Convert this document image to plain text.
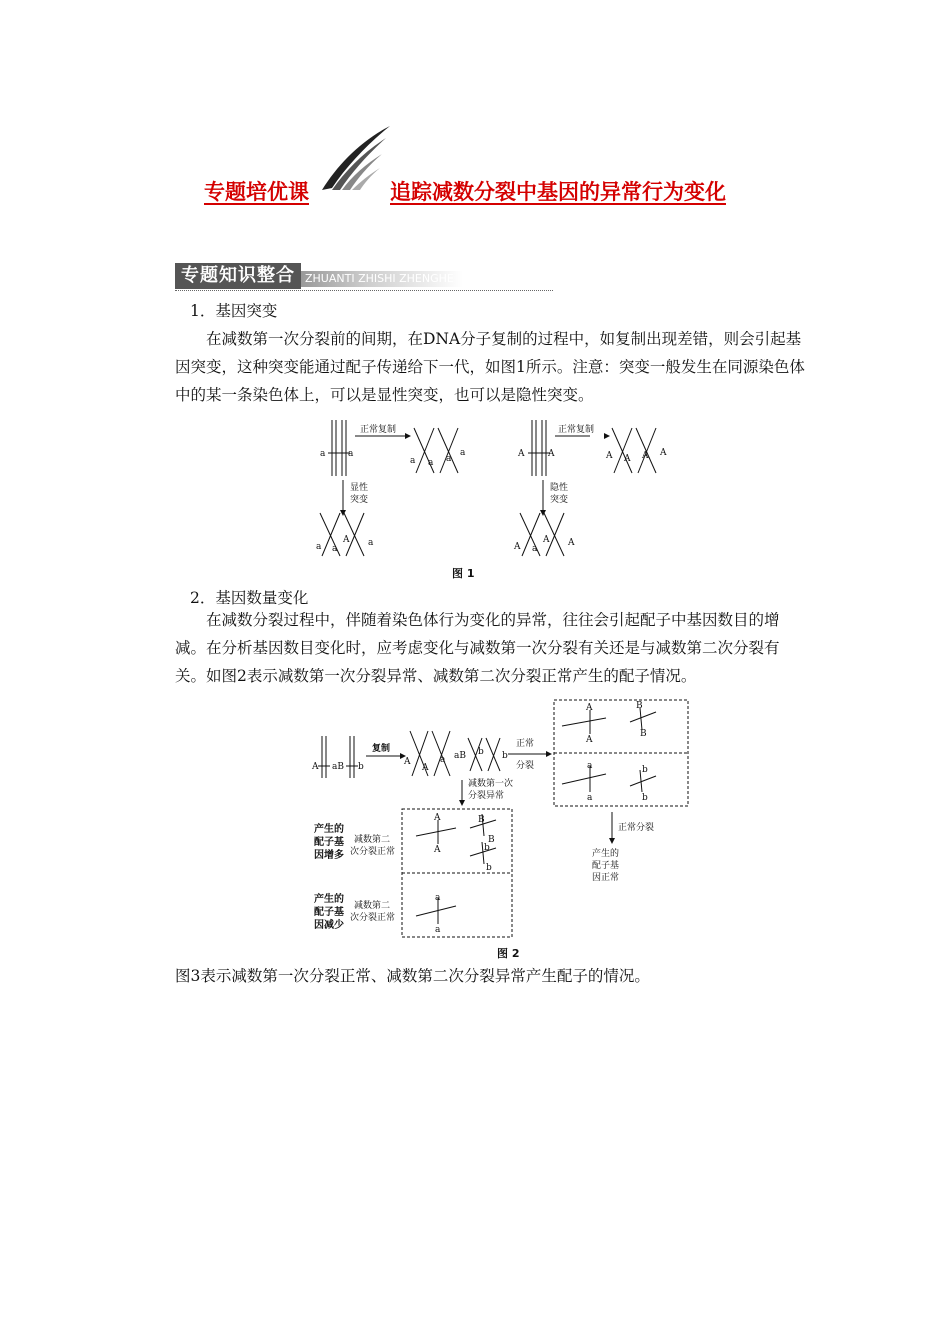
专题培优课	追踪减数分裂中基因的异常行为变化
专题知识整合 ZHUANTI ZHISHI ZHENGHE
1．基因突变

在减数第一次分裂前的间期，在DNA分子复制的过程中，如复制出现差错，则会引起基因突变，这种突变能通过配子传递给下一代，如图1所示。注意：突变一般发生在同源染色体中的某一条染色体上，可以是显性突变，也可以是隐性突变。

a	a
正常复制
a a a
a
显性
突变
a a
A a
A	A
正常复制
隐性
突变
A a
A A
A A A A
图 1
2．基因数量变化

在减数分裂过程中，伴随着染色体行为变化的异常，往往会引起配子中基因数目的增减。在分析基因数目变化时，应考虑变化与减数第一次分裂有关还是与减数第二次分裂有关。如图2表示减数第一次分裂异常、减数第二次分裂正常产生的配子情况。

A aB b
复制
A
A
a aB b b
正常
分裂
减数第一次
分裂异常
A
A
B
B
a
a
b
b
正常分裂
产生的
配子基
因正常
A
A
B
B
b
b
a
a
产生的
配子基
因增多
产生的
配子基
因减少
减数第二
次分裂正常
减数第二
次分裂正常
图 2

图3表示减数第一次分裂正常、减数第二次分裂异常产生配子的情况。
